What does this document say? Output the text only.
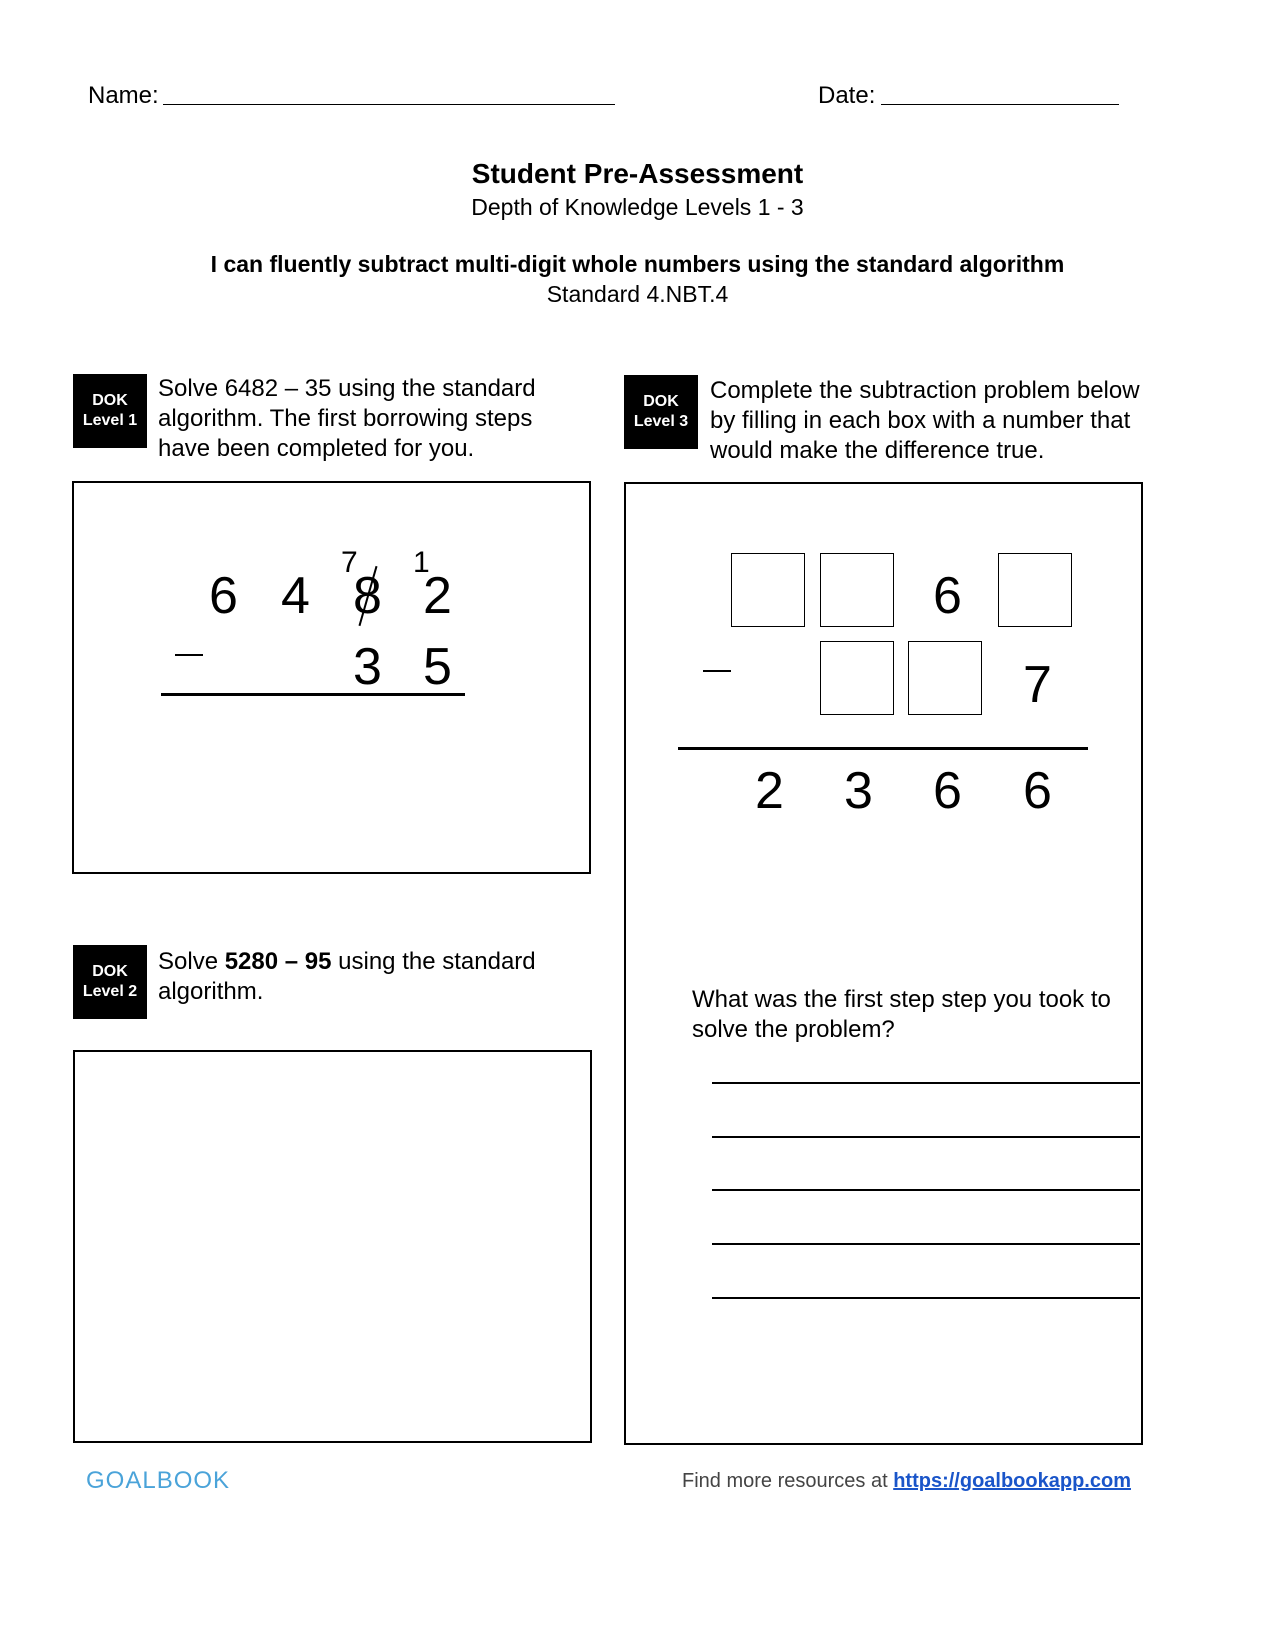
Name:	Date:
Student Pre-Assessment
Depth of Knowledge Levels 1 - 3
I can fluently subtract multi-digit whole numbers using the standard algorithm
Standard 4.NBT.4
DOK
Level 1
Solve 6482 – 35 using the standard algorithm. The first borrowing steps have been completed for you.
7 1
6 4 8 2
3 5
DOK
Level 2
Solve 5280 – 95 using the standard algorithm.
DOK
Level 3
Complete the subtraction problem below by filling in each box with a number that would make the difference true.
6
7
2 3 6 6
What was the first step step you took to solve the problem?
GOALBOOK	Find more resources at https://goalbookapp.com
